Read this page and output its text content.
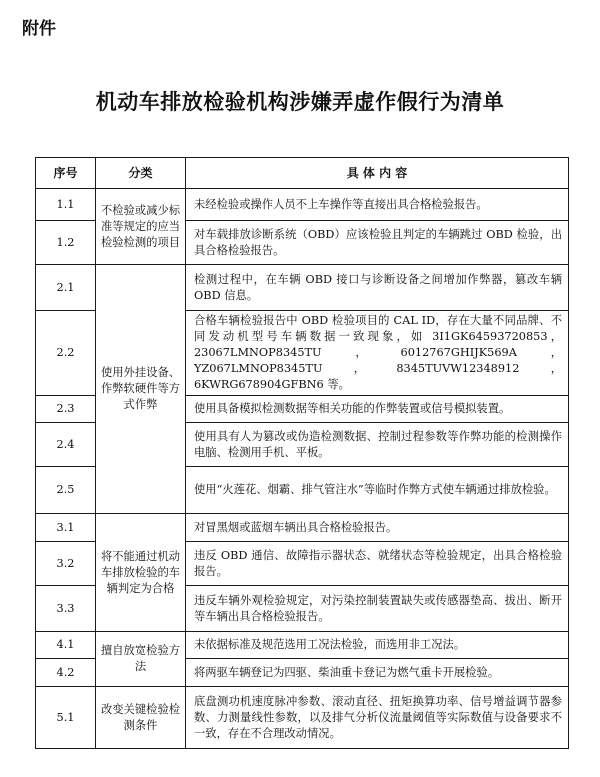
附件
机动车排放检验机构涉嫌弄虚作假行为清单
序号	分类	具 体 内 容
1.1	不检验或减少标准等规定的应当检验检测的项目	未经检验或操作人员不上车操作等直接出具合格检验报告。
1.2		对车载排放诊断系统（OBD）应该检验且判定的车辆跳过 OBD 检验，出具合格检验报告。
2.1	使用外挂设备、作弊软硬件等方式作弊	检测过程中，在车辆 OBD 接口与诊断设备之间增加作弊器，篡改车辆 OBD 信息。
2.2		合格车辆检验报告中 OBD 检验项目的 CAL ID，存在大量不同品牌、不同发动机型号车辆数据一致现象，如 3I1GK64593720853，23067LMNOP8345TU，6012767GHIJK569A，YZ067LMNOP8345TU，8345TUVW12348912，6KWRG678904GFBN6 等。
2.3		使用具备模拟检测数据等相关功能的作弊装置或信号模拟装置。
2.4		使用具有人为篡改或伪造检测数据、控制过程参数等作弊功能的检测操作电脑、检测用手机、平板。
2.5		使用“火莲花、烟霸、排气管注水”等临时作弊方式使车辆通过排放检验。
3.1	将不能通过机动车排放检验的车辆判定为合格	对冒黑烟或蓝烟车辆出具合格检验报告。
3.2		违反 OBD 通信、故障指示器状态、就绪状态等检验规定，出具合格检验报告。
3.3		违反车辆外观检验规定，对污染控制装置缺失或传感器垫高、拔出、断开等车辆出具合格检验报告。
4.1	擅自放宽检验方法	未依据标准及规范选用工况法检验，而选用非工况法。
4.2		将两驱车辆登记为四驱、柴油重卡登记为燃气重卡开展检验。
5.1	改变关键检验检测条件	底盘测功机速度脉冲参数、滚动直径、扭矩换算功率、信号增益调节器参数、力测量线性参数，以及排气分析仪流量阈值等实际数值与设备要求不一致，存在不合理改动情况。
